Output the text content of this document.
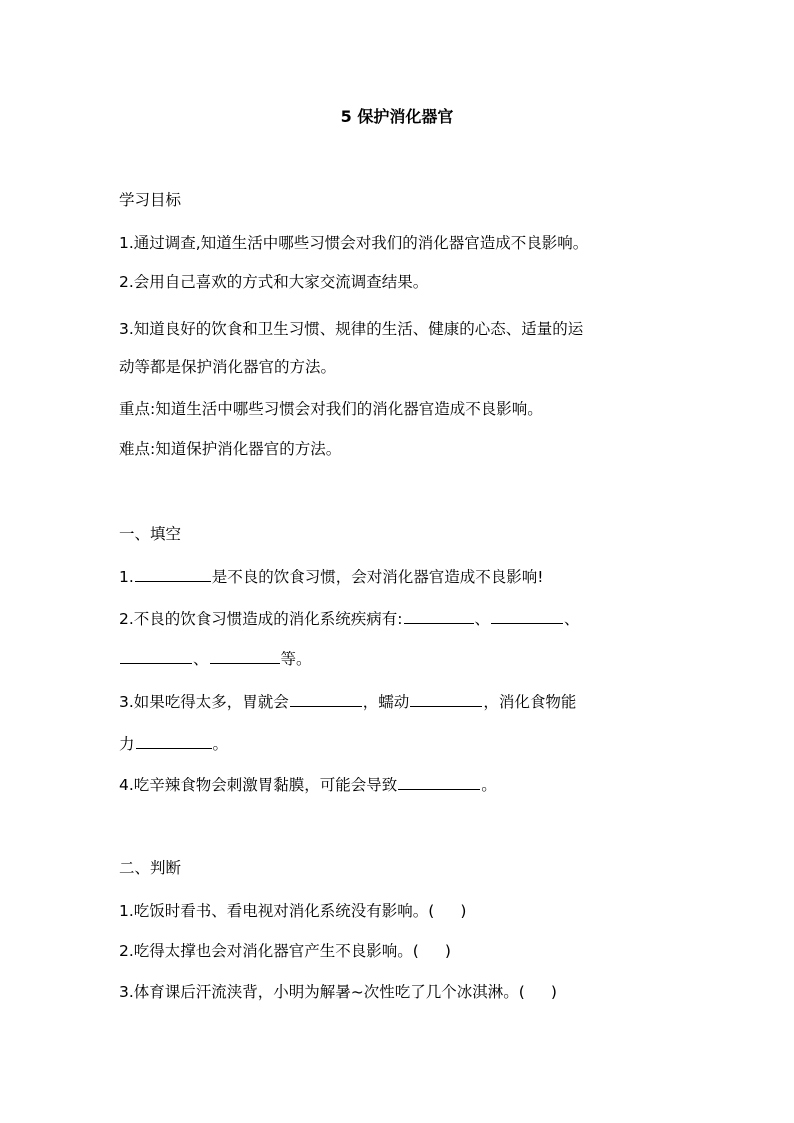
5 保护消化器官
学习目标
1.通过调查,知道生活中哪些习惯会对我们的消化器官造成不良影响。
2.会用自己喜欢的方式和大家交流调查结果。
3.知道良好的饮食和卫生习惯、规律的生活、健康的心态、适量的运
动等都是保护消化器官的方法。
重点:知道生活中哪些习惯会对我们的消化器官造成不良影响。
难点:知道保护消化器官的方法。
一、填空
1.	是不良的饮食习惯，会对消化器官造成不良影响!
2.不良的饮食习惯造成的消化系统疾病有:	、	、
、	等。
3.如果吃得太多，胃就会	，蠕动	，消化食物能
力	。
4.吃辛辣食物会刺激胃黏膜，可能会导致	。
二、判断
1.吃饭时看书、看电视对消化系统没有影响。( )
2.吃得太撑也会对消化器官产生不良影响。( )
3.体育课后汗流浃背，小明为解暑~次性吃了几个冰淇淋。( )
